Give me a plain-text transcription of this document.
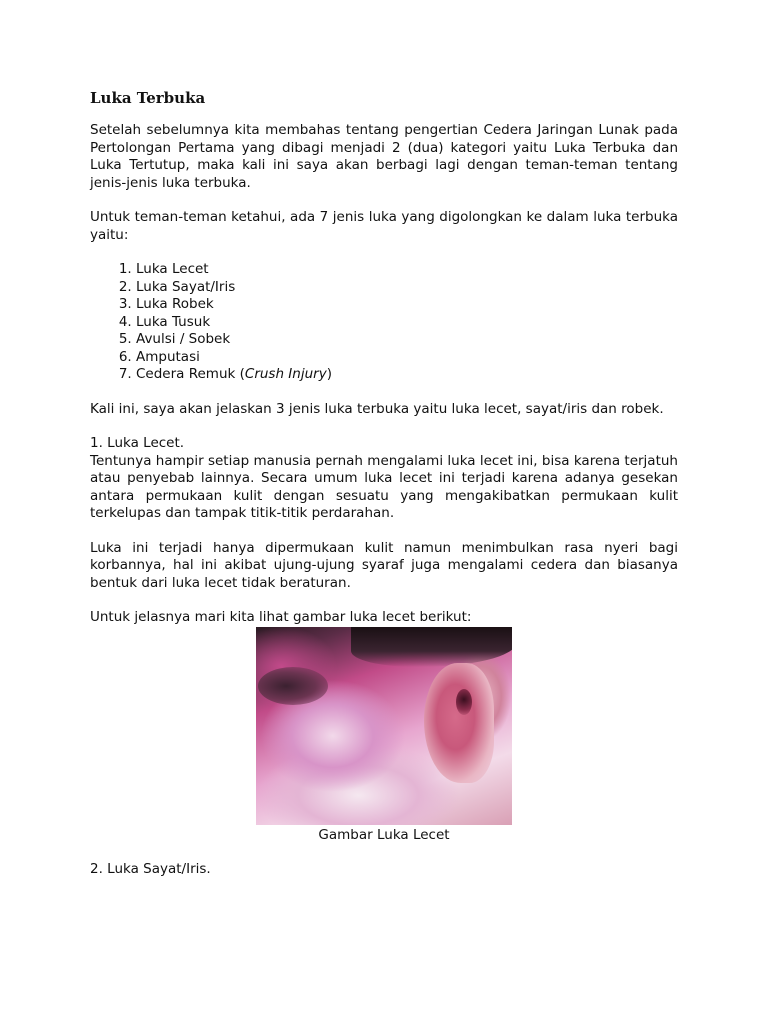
Luka Terbuka

Setelah sebelumnya kita membahas tentang pengertian Cedera Jaringan Lunak pada Pertolongan Pertama yang dibagi menjadi 2 (dua) kategori yaitu Luka Terbuka dan Luka Tertutup, maka kali ini saya akan berbagi lagi dengan teman-teman tentang jenis-jenis luka terbuka.

Untuk teman-teman ketahui, ada 7 jenis luka yang digolongkan ke dalam luka terbuka yaitu:

1. Luka Lecet
2. Luka Sayat/Iris
3. Luka Robek
4. Luka Tusuk
5. Avulsi / Sobek
6. Amputasi
7. Cedera Remuk (Crush Injury)

Kali ini, saya akan jelaskan 3 jenis luka terbuka yaitu luka lecet, sayat/iris dan robek.

1. Luka Lecet.

Tentunya hampir setiap manusia pernah mengalami luka lecet ini, bisa karena terjatuh atau penyebab lainnya. Secara umum luka lecet ini terjadi karena adanya gesekan antara permukaan kulit dengan sesuatu yang mengakibatkan permukaan kulit terkelupas dan tampak titik-titik perdarahan.

Luka ini terjadi hanya dipermukaan kulit namun menimbulkan rasa nyeri bagi korbannya, hal ini akibat ujung-ujung syaraf juga mengalami cedera dan biasanya bentuk dari luka lecet tidak beraturan.

Untuk jelasnya mari kita lihat gambar luka lecet berikut:

Gambar Luka Lecet

2. Luka Sayat/Iris.
